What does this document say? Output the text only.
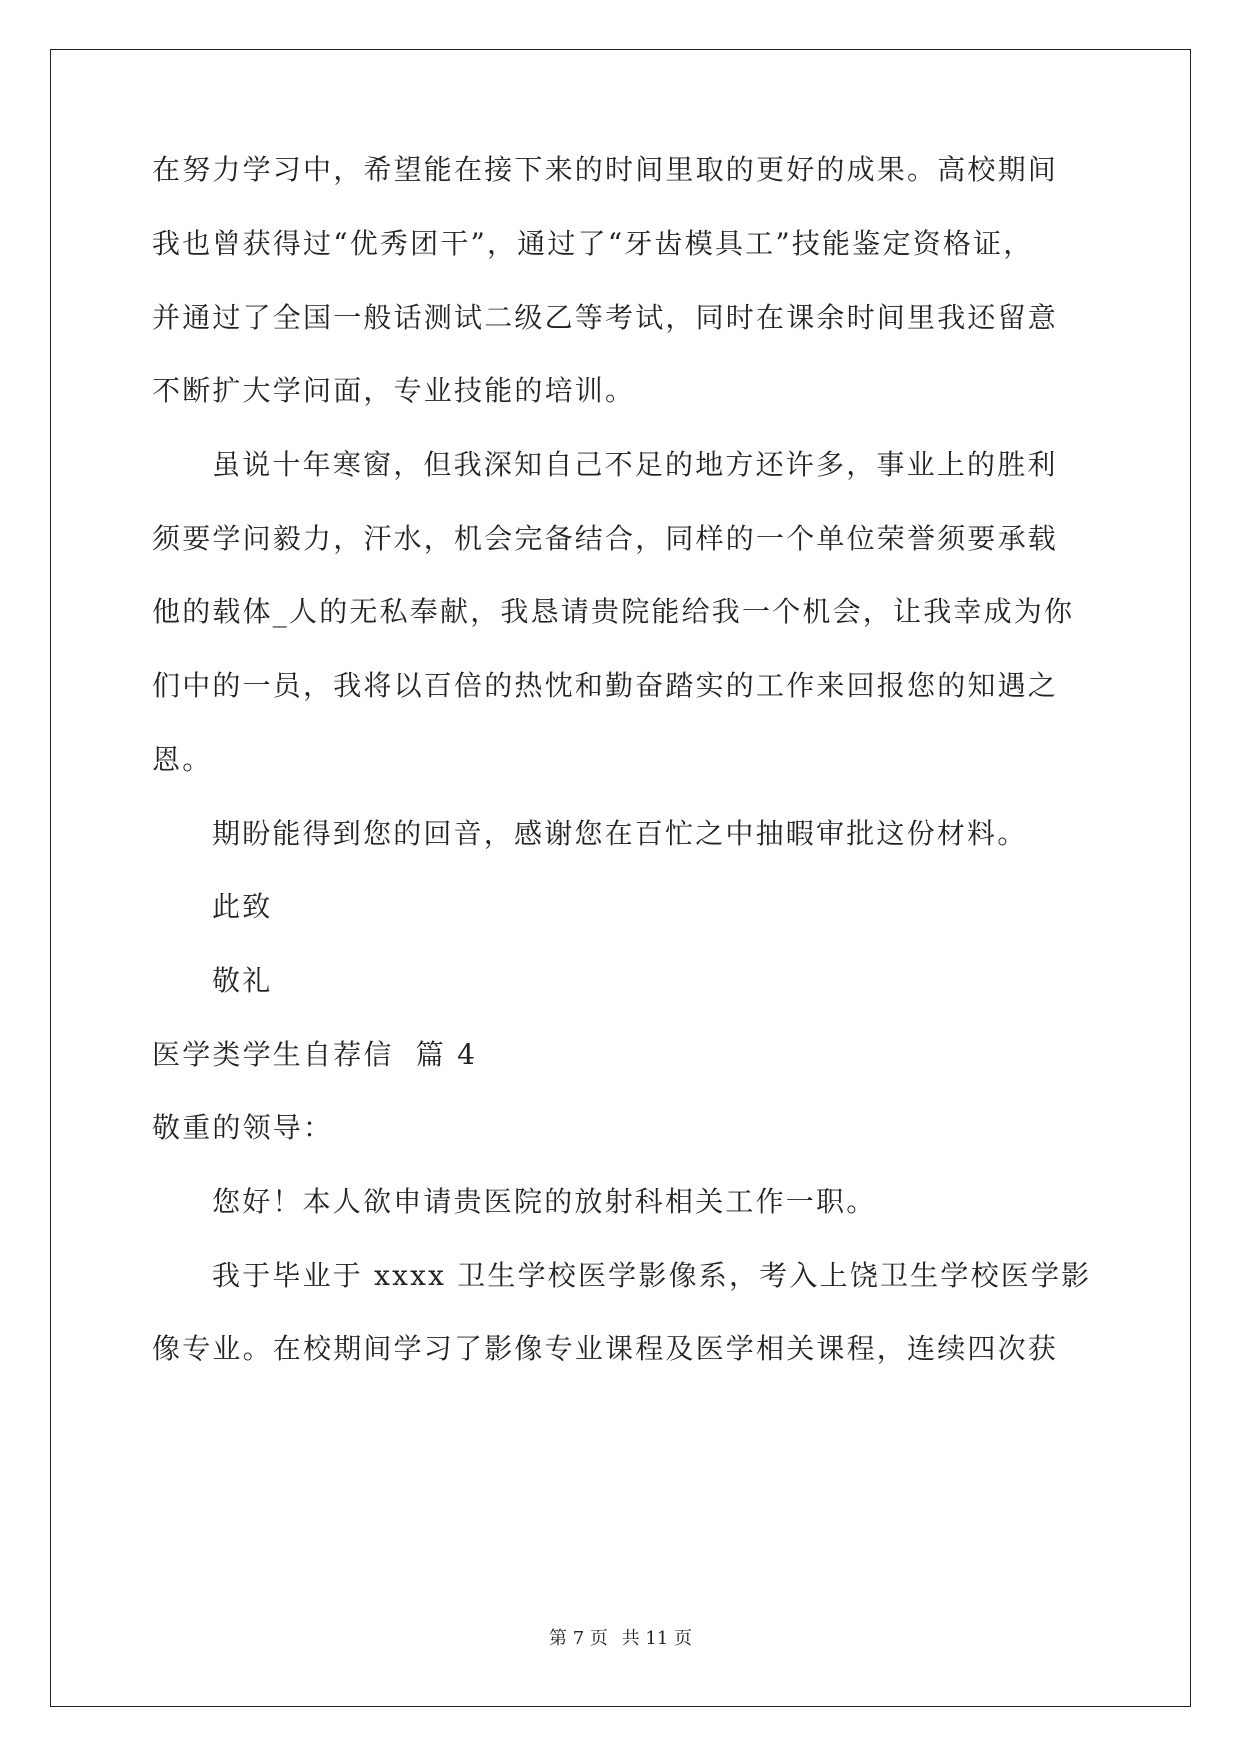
在努力学习中，希望能在接下来的时间里取的更好的成果。高校期间
我也曾获得过“优秀团干”，通过了“牙齿模具工”技能鉴定资格证，
并通过了全国一般话测试二级乙等考试，同时在课余时间里我还留意
不断扩大学问面，专业技能的培训。
虽说十年寒窗，但我深知自己不足的地方还许多，事业上的胜利
须要学问毅力，汗水，机会完备结合，同样的一个单位荣誉须要承载
他的载体_人的无私奉献，我恳请贵院能给我一个机会，让我幸成为你
们中的一员，我将以百倍的热忱和勤奋踏实的工作来回报您的知遇之
恩。
期盼能得到您的回音，感谢您在百忙之中抽暇审批这份材料。
此致
敬礼
医学类学生自荐信  篇 4
敬重的领导：
您好！本人欲申请贵医院的放射科相关工作一职。
我于毕业于 xxxx 卫生学校医学影像系，考入上饶卫生学校医学影
像专业。在校期间学习了影像专业课程及医学相关课程，连续四次获
第 7 页 共 11 页
